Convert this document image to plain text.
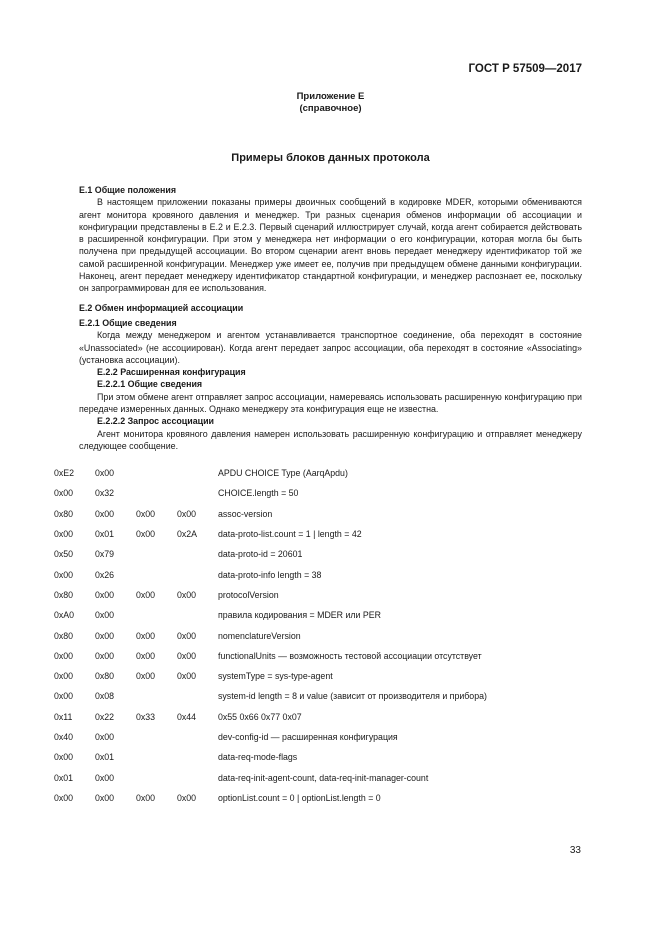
ГОСТ Р 57509—2017
Приложение Е
(справочное)
Примеры блоков данных протокола
Е.1 Общие положения
В настоящем приложении показаны примеры двоичных сообщений в кодировке MDER, которыми обмениваются агент монитора кровяного давления и менеджер. Три разных сценария обменов информации об ассоциации и конфигурации представлены в Е.2 и Е.2.3. Первый сценарий иллюстрирует случай, когда агент собирается действовать в расширенной конфигурации. При этом у менеджера нет информации о его конфигурации, которая могла бы быть получена при предыдущей ассоциации. Во втором сценарии агент вновь передает менеджеру идентификатор той же самой расширенной конфигурации. Менеджер уже имеет ее, получив при предыдущем обмене данными конфигурации. Наконец, агент передает менеджеру идентификатор стандартной конфигурации, и менеджер распознает ее, поскольку он запрограммирован для ее использования.
Е.2 Обмен информацией ассоциации
Е.2.1 Общие сведения
Когда между менеджером и агентом устанавливается транспортное соединение, оба переходят в состояние «Unassociated» (не ассоциирован). Когда агент передает запрос ассоциации, оба переходят в состояние «Associating» (установка ассоциации).
Е.2.2 Расширенная конфигурация
Е.2.2.1 Общие сведения
При этом обмене агент отправляет запрос ассоциации, намереваясь использовать расширенную конфигурацию при передаче измеренных данных. Однако менеджеру эта конфигурация еще не известна.
Е.2.2.2 Запрос ассоциации
Агент монитора кровяного давления намерен использовать расширенную конфигурацию и отправляет менеджеру следующее сообщение.
0xE2	0x00			APDU CHOICE Type (AarqApdu)
0x00	0x32			CHOICE.length = 50
0x80	0x00	0x00	0x00	assoc-version
0x00	0x01	0x00	0x2A	data-proto-list.count = 1 | length = 42
0x50	0x79			data-proto-id = 20601
0x00	0x26			data-proto-info length = 38
0x80	0x00	0x00	0x00	protocolVersion
0xA0	0x00			правила кодирования = MDER или PER
0x80	0x00	0x00	0x00	nomenclatureVersion
0x00	0x00	0x00	0x00	functionalUnits — возможность тестовой ассоциации отсутствует
0x00	0x80	0x00	0x00	systemType = sys-type-agent
0x00	0x08			system-id length = 8 и value (зависит от производителя и прибора)
0x11	0x22	0x33	0x44	0x55 0x66 0x77 0x07
0x40	0x00			dev-config-id — расширенная конфигурация
0x00	0x01			data-req-mode-flags
0x01	0x00			data-req-init-agent-count, data-req-init-manager-count
0x00	0x00	0x00	0x00	optionList.count = 0 | optionList.length = 0
33
